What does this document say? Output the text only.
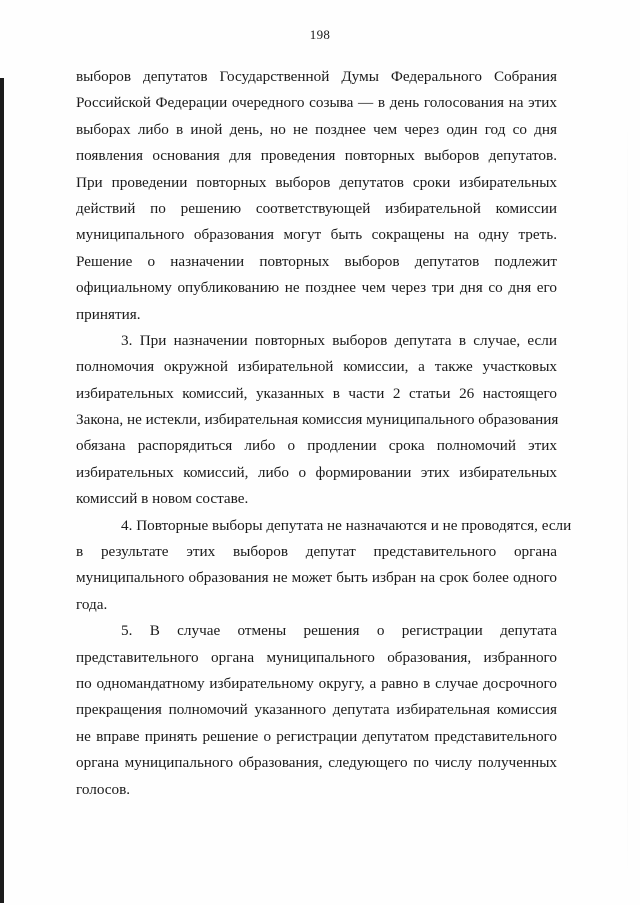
198
выборов депутатов Государственной Думы Федерального Собрания
Российской Федерации очередного созыва — в день голосования на этих
выборах либо в иной день, но не позднее чем через один год со дня
появления основания для проведения повторных выборов депутатов.
При проведении повторных выборов депутатов сроки избирательных
действий по решению соответствующей избирательной комиссии
муниципального образования могут быть сокращены на одну треть.
Решение о назначении повторных выборов депутатов подлежит
официальному опубликованию не позднее чем через три дня со дня его
принятия.
3. При назначении повторных выборов депутата в случае, если
полномочия окружной избирательной комиссии, а также участковых
избирательных комиссий, указанных в части 2 статьи 26 настоящего
Закона, не истекли, избирательная комиссия муниципального образования
обязана распорядиться либо о продлении срока полномочий этих
избирательных комиссий, либо о формировании этих избирательных
комиссий в новом составе.
4. Повторные выборы депутата не назначаются и не проводятся, если
в результате этих выборов депутат представительного органа
муниципального образования не может быть избран на срок более одного
года.
5. В случае отмены решения о регистрации депутата
представительного органа муниципального образования, избранного
по одномандатному избирательному округу, а равно в случае досрочного
прекращения полномочий указанного депутата избирательная комиссия
не вправе принять решение о регистрации депутатом представительного
органа муниципального образования, следующего по числу полученных
голосов.
